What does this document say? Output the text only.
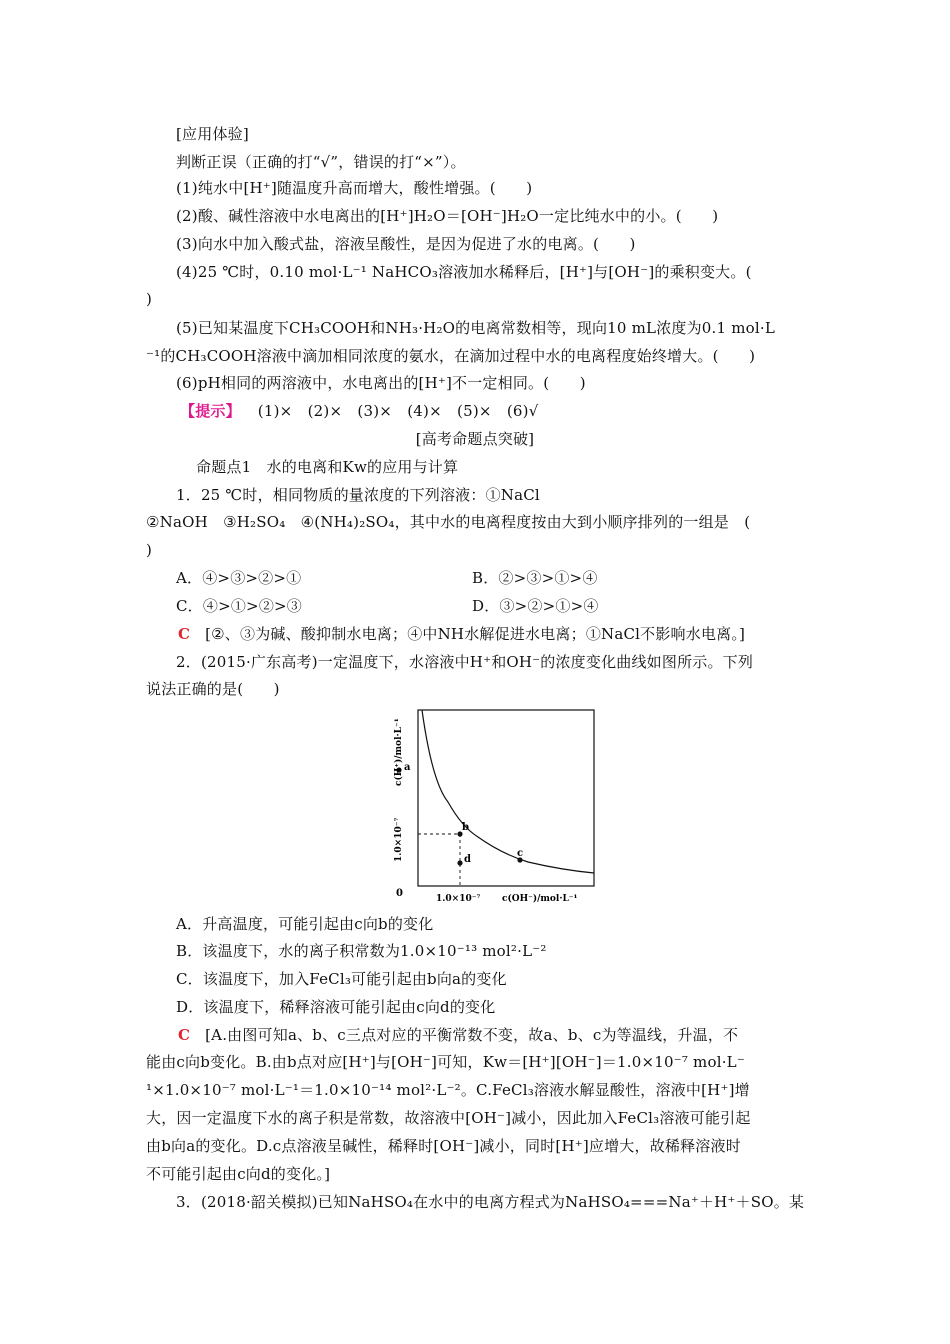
[应用体验]
判断正误（正确的打“√”，错误的打“×”）。
(1)纯水中[H⁺]随温度升高而增大，酸性增强。(　　)
(2)酸、碱性溶液中水电离出的[H⁺]H₂O＝[OH⁻]H₂O一定比纯水中的小。(　　)
(3)向水中加入酸式盐，溶液呈酸性，是因为促进了水的电离。(　　)
(4)25 ℃时，0.10 mol·L⁻¹ NaHCO₃溶液加水稀释后，[H⁺]与[OH⁻]的乘积变大。(
)
(5)已知某温度下CH₃COOH和NH₃·H₂O的电离常数相等，现向10 mL浓度为0.1 mol·L
⁻¹的CH₃COOH溶液中滴加相同浓度的氨水，在滴加过程中水的电离程度始终增大。(　　)
(6)pH相同的两溶液中，水电离出的[H⁺]不一定相同。(　　)
【提示】 (1)×　(2)×　(3)×　(4)×　(5)×　(6)√
[高考命题点突破]
命题点1　水的电离和Kw的应用与计算
1．25 ℃时，相同物质的量浓度的下列溶液：①NaCl
②NaOH　③H₂SO₄　④(NH₄)₂SO₄，其中水的电离程度按由大到小顺序排列的一组是　(
)
A．④>③>②>①	B．②>③>①>④
C．④>①>②>③	D．③>②>①>④
C [②、③为碱、酸抑制水电离；④中NH水解促进水电离；①NaCl不影响水电离。]
2．(2015·广东高考)一定温度下，水溶液中H⁺和OH⁻的浓度变化曲线如图所示。下列
说法正确的是(　　)
a
b
c
d
c(H⁺)/mol·L⁻¹
1.0×10⁻⁷
0	1.0×10⁻⁷ c(OH⁻)/mol·L⁻¹
A．升高温度，可能引起由c向b的变化
B．该温度下，水的离子积常数为1.0×10⁻¹³ mol²·L⁻²
C．该温度下，加入FeCl₃可能引起由b向a的变化
D．该温度下，稀释溶液可能引起由c向d的变化
C [A.由图可知a、b、c三点对应的平衡常数不变，故a、b、c为等温线，升温，不
能由c向b变化。B.由b点对应[H⁺]与[OH⁻]可知，Kw＝[H⁺][OH⁻]＝1.0×10⁻⁷ mol·L⁻
¹×1.0×10⁻⁷ mol·L⁻¹＝1.0×10⁻¹⁴ mol²·L⁻²。C.FeCl₃溶液水解显酸性，溶液中[H⁺]增
大，因一定温度下水的离子积是常数，故溶液中[OH⁻]减小，因此加入FeCl₃溶液可能引起
由b向a的变化。D.c点溶液呈碱性，稀释时[OH⁻]减小，同时[H⁺]应增大，故稀释溶液时
不可能引起由c向d的变化。]
3．(2018·韶关模拟)已知NaHSO₄在水中的电离方程式为NaHSO₄===Na⁺＋H⁺＋SO。某
